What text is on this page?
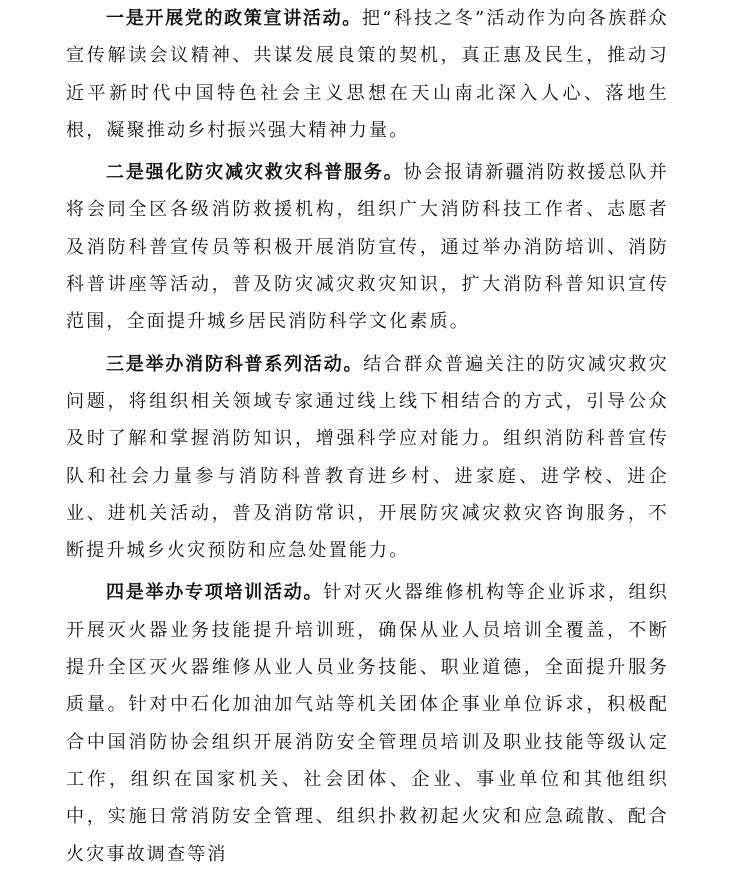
一是开展党的政策宣讲活动。把“科技之冬”活动作为向各族群众宣传解读会议精神、共谋发展良策的契机，真正惠及民生，推动习近平新时代中国特色社会主义思想在天山南北深入人心、落地生根，凝聚推动乡村振兴强大精神力量。

二是强化防灾减灾救灾科普服务。协会报请新疆消防救援总队并将会同全区各级消防救援机构，组织广大消防科技工作者、志愿者及消防科普宣传员等积极开展消防宣传，通过举办消防培训、消防科普讲座等活动，普及防灾减灾救灾知识，扩大消防科普知识宣传范围，全面提升城乡居民消防科学文化素质。

三是举办消防科普系列活动。结合群众普遍关注的防灾减灾救灾问题，将组织相关领域专家通过线上线下相结合的方式，引导公众及时了解和掌握消防知识，增强科学应对能力。组织消防科普宣传队和社会力量参与消防科普教育进乡村、进家庭、进学校、进企业、进机关活动，普及消防常识，开展防灾减灾救灾咨询服务，不断提升城乡火灾预防和应急处置能力。

四是举办专项培训活动。针对灭火器维修机构等企业诉求，组织开展灭火器业务技能提升培训班，确保从业人员培训全覆盖，不断提升全区灭火器维修从业人员业务技能、职业道德，全面提升服务质量。针对中石化加油加气站等机关团体企事业单位诉求，积极配合中国消防协会组织开展消防安全管理员培训及职业技能等级认定工作，组织在国家机关、社会团体、企业、事业单位和其他组织中，实施日常消防安全管理、组织扑救初起火灾和应急疏散、配合火灾事故调查等消
